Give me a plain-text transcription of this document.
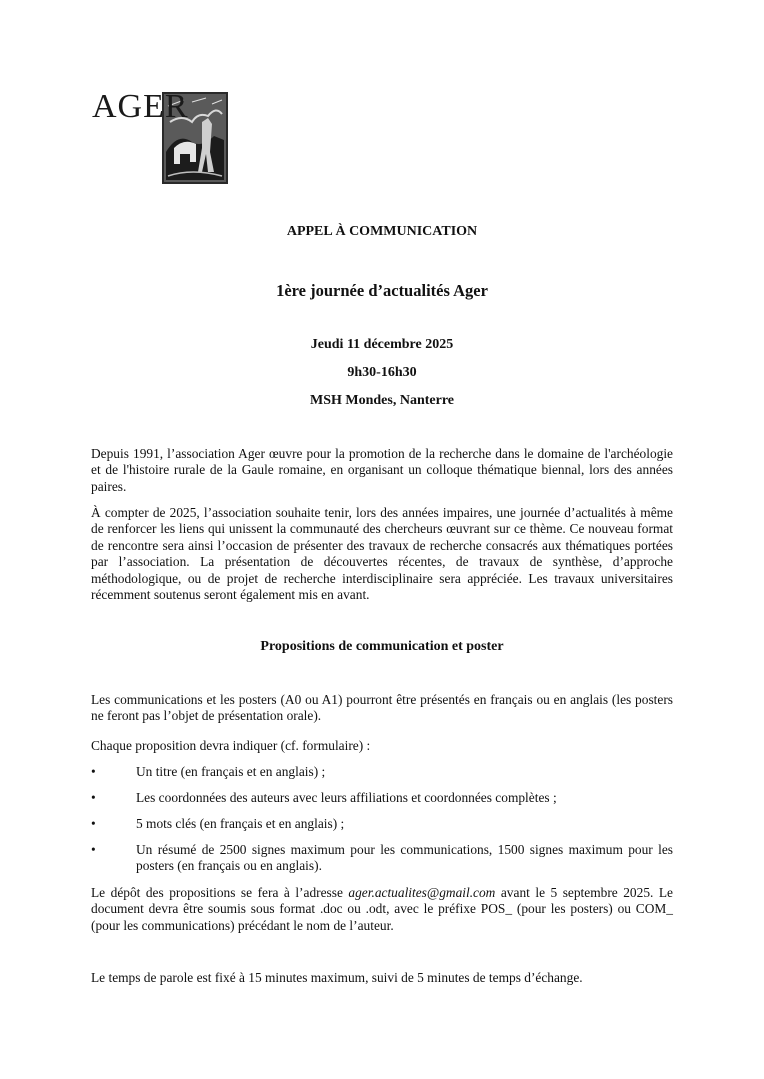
AGER
APPEL À COMMUNICATION
1ère journée d’actualités Ager
Jeudi 11 décembre 2025
9h30-16h30
MSH Mondes, Nanterre

Depuis 1991, l’association Ager œuvre pour la promotion de la recherche dans le domaine de l'archéologie et de l'histoire rurale de la Gaule romaine, en organisant un colloque thématique biennal, lors des années paires.

À compter de 2025, l’association souhaite tenir, lors des années impaires, une journée d’actualités à même de renforcer les liens qui unissent la communauté des chercheurs œuvrant sur ce thème. Ce nouveau format de rencontre sera ainsi l’occasion de présenter des travaux de recherche consacrés aux thématiques portées par l’association. La présentation de découvertes récentes, de travaux de synthèse, d’approche méthodologique, ou de projet de recherche interdisciplinaire sera appréciée. Les travaux universitaires récemment soutenus seront également mis en avant.

Propositions de communication et poster

Les communications et les posters (A0 ou A1) pourront être présentés en français ou en anglais (les posters ne feront pas l’objet de présentation orale).

Chaque proposition devra indiquer (cf. formulaire) :

•	Un titre (en français et en anglais) ;
•	Les coordonnées des auteurs avec leurs affiliations et coordonnées complètes ;
•	5 mots clés (en français et en anglais) ;
•	Un résumé de 2500 signes maximum pour les communications, 1500 signes maximum pour les posters (en français ou en anglais).

Le dépôt des propositions se fera à l’adresse ager.actualites@gmail.com avant le 5 septembre 2025. Le document devra être soumis sous format .doc ou .odt, avec le préfixe POS_ (pour les posters) ou COM_ (pour les communications) précédant le nom de l’auteur.

Le temps de parole est fixé à 15 minutes maximum, suivi de 5 minutes de temps d’échange.
